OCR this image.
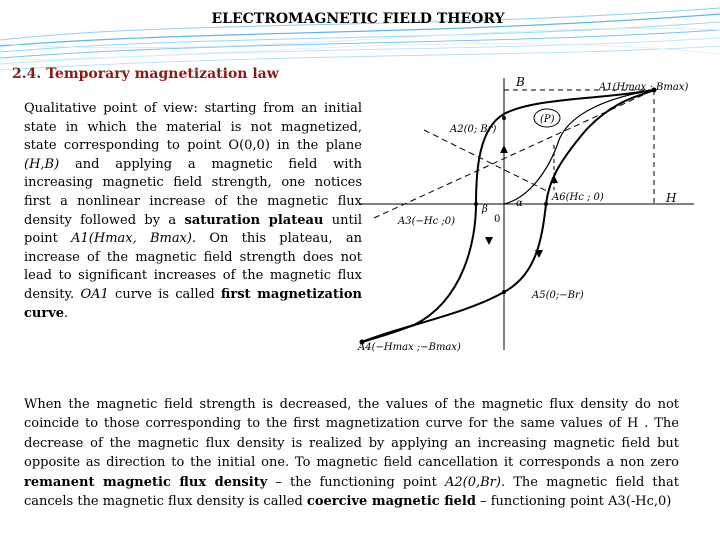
ELECTROMAGNETIC FIELD THEORY
2.4. Temporary magnetization law
Qualitative point of view: starting from an initial state in which the material is not magnetized, state corresponding to point O(0,0) in the plane (H,B) and applying a magnetic field with increasing magnetic field strength, one notices first a nonlinear increase of the magnetic flux density followed by a saturation plateau until point A1(Hmax, Bmax). On this plateau, an increase of the magnetic field strength does not lead to significant increases of the magnetic flux density. OA1 curve is called first magnetization curve.
B
H
0
A1(Hmax ; Bmax)
A2(0; Br)
(P)
A6(Hc ; 0)
A3(−Hc ;0)
A5(0;−Br)
A4(−Hmax ;−Bmax)
α
β
When the magnetic field strength is decreased, the values of the magnetic flux density do not coincide to those corresponding to the first magnetization curve for the same values of H . The decrease of the magnetic flux density is realized by applying an increasing magnetic field but opposite as direction to the initial one. To magnetic field cancellation it corresponds a non zero remanent magnetic flux density – the functioning point A2(0,Br). The magnetic field that cancels the magnetic flux density is called coercive magnetic field – functioning point A3(-Hc,0)
